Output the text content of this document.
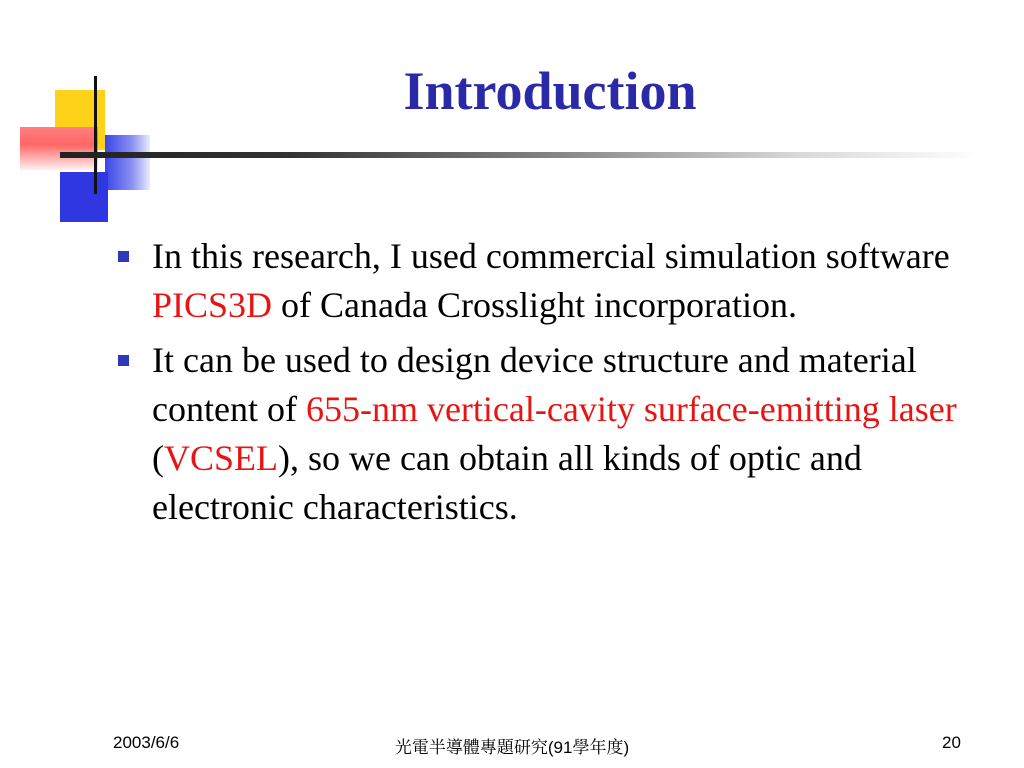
Introduction
In this research, I used commercial simulation software PICS3D of Canada Crosslight incorporation.
It can be used to design device structure and material content of 655-nm vertical-cavity surface-emitting laser (VCSEL), so we can obtain all kinds of optic and electronic characteristics.
2003/6/6	光電半導體專題研究(91學年度)	20
